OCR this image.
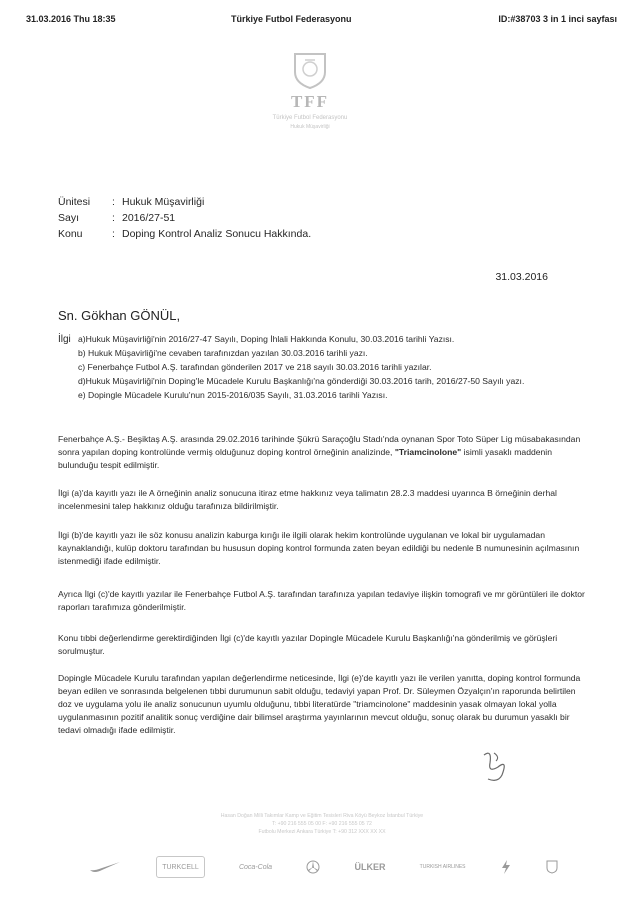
31.03.2016 Thu 18:35	Türkiye Futbol Federasyonu	ID:#38703 3 in 1 inci sayfası
TFF
Türkiye Futbol Federasyonu
Hukuk Müşavirliği
Ünitesi	: Hukuk Müşavirliği
Sayı	: 2016/27-51
Konu	: Doping Kontrol Analiz Sonucu Hakkında.
31.03.2016
Sn. Gökhan GÖNÜL,
İlgi a)Hukuk Müşavirliği'nin 2016/27-47 Sayılı, Doping İhlali Hakkında Konulu, 30.03.2016 tarihli Yazısı.
b) Hukuk Müşavirliği'ne cevaben tarafınızdan yazılan 30.03.2016 tarihli yazı.
c) Fenerbahçe Futbol A.Ş. tarafından gönderilen 2017 ve 218 sayılı 30.03.2016 tarihli yazılar.
d)Hukuk Müşavirliği'nin Doping'le Mücadele Kurulu Başkanlığı'na gönderdiği 30.03.2016 tarih, 2016/27-50 Sayılı yazı.
e) Dopingle Mücadele Kurulu'nun 2015-2016/035 Sayılı, 31.03.2016 tarihli Yazısı.
Fenerbahçe A.Ş.- Beşiktaş A.Ş. arasında 29.02.2016 tarihinde Şükrü Saraçoğlu Stadı'nda oynanan Spor Toto Süper Lig müsabakasından sonra yapılan doping kontrolünde vermiş olduğunuz doping kontrol örneğinin analizinde, "Triamcinolone" isimli yasaklı maddenin bulunduğu tespit edilmiştir.
İlgi (a)'da kayıtlı yazı ile A örneğinin analiz sonucuna itiraz etme hakkınız veya talimatın 28.2.3 maddesi uyarınca B örneğinin derhal incelenmesini talep hakkınız olduğu tarafınıza bildirilmiştir.
İlgi (b)'de kayıtlı yazı ile söz konusu analizin kaburga kırığı ile ilgili olarak hekim kontrolünde uygulanan ve lokal bir uygulamadan kaynaklandığı, kulüp doktoru tarafından bu hususun doping kontrol formunda zaten beyan edildiği bu nedenle B numunesinin açılmasının istenmediği ifade edilmiştir.
Ayrıca İlgi (c)'de kayıtlı yazılar ile Fenerbahçe Futbol A.Ş. tarafından tarafınıza yapılan tedaviye ilişkin tomografi ve mr görüntüleri ile doktor raporları tarafımıza gönderilmiştir.
Konu tıbbi değerlendirme gerektirdiğinden İlgi (c)'de kayıtlı yazılar Dopingle Mücadele Kurulu Başkanlığı'na gönderilmiş ve görüşleri sorulmuştur.
Dopingle Mücadele Kurulu tarafından yapılan değerlendirme neticesinde, İlgi (e)'de kayıtlı yazı ile verilen yanıtta, doping kontrol formunda beyan edilen ve sonrasında belgelenen tıbbi durumunun sabit olduğu, tedaviyi yapan Prof. Dr. Süleymen Özyalçın'ın raporunda belirtilen doz ve uygulama yolu ile analiz sonucunun uyumlu olduğunu, tıbbi literatürde "triamcinolone" maddesinin yasak olmayan lokal yolla uygulanmasının pozitif analitik sonuç verdiğine dair bilimsel araştırma yayınlarının mevcut olduğu, sonuç olarak bu durumun yasaklı bir tedavi olmadığı ifade edilmiştir.
Hasan Doğan Milli Takımlar Kamp ve Eğitim Tesisleri Riva Köyü Beykoz İstanbul Türkiye
T: +90 216 555 05 00 F: +90 216 555 05 72
Futbolu Merkezi Ankara Türkiye T: +90 312 XXX XX XX
TURKCELL	Coca-Cola	ÜLKER	TURKISH AIRLINES
